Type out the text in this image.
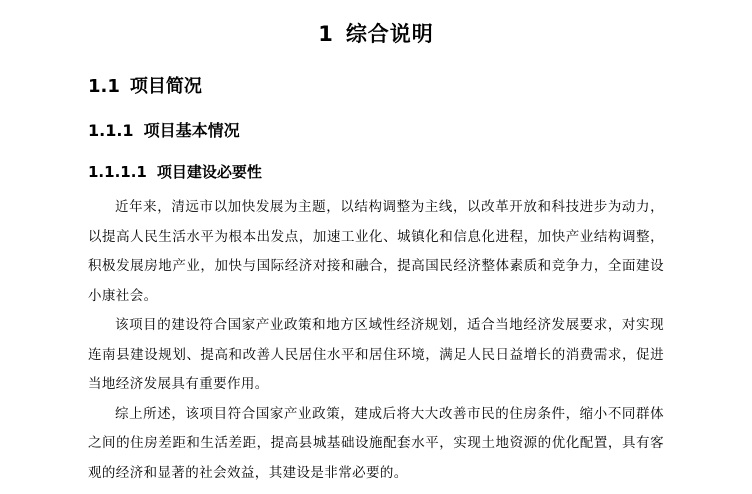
1 综合说明
1.1 项目简况
1.1.1 项目基本情况
1.1.1.1 项目建设必要性

近年来，清远市以加快发展为主题，以结构调整为主线，以改革开放和科技进步为动力，以提高人民生活水平为根本出发点，加速工业化、城镇化和信息化进程，加快产业结构调整，积极发展房地产业，加快与国际经济对接和融合，提高国民经济整体素质和竞争力，全面建设小康社会。

该项目的建设符合国家产业政策和地方区域性经济规划，适合当地经济发展要求，对实现连南县建设规划、提高和改善人民居住水平和居住环境，满足人民日益增长的消费需求，促进当地经济发展具有重要作用。

综上所述，该项目符合国家产业政策，建成后将大大改善市民的住房条件，缩小不同群体之间的住房差距和生活差距，提高县城基础设施配套水平，实现土地资源的优化配置，具有客观的经济和显著的社会效益，其建设是非常必要的。
